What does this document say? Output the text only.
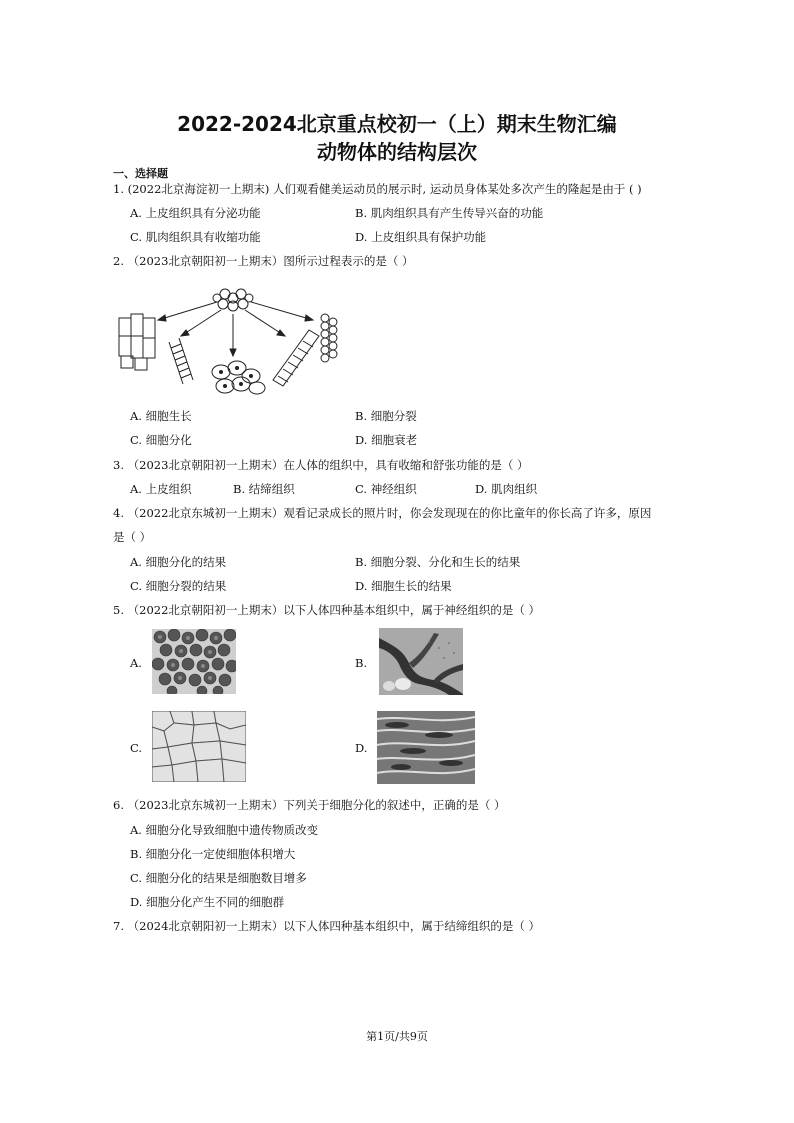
2022-2024北京重点校初一（上）期末生物汇编
动物体的结构层次
一、选择题
1. (2022北京海淀初一上期末) 人们观看健美运动员的展示时, 运动员身体某处多次产生的隆起是由于 ( )
A. 上皮组织具有分泌功能	B. 肌肉组织具有产生传导兴奋的功能
C. 肌肉组织具有收缩功能	D. 上皮组织具有保护功能
2. （2023北京朝阳初一上期末）图所示过程表示的是（ ）
A. 细胞生长	B. 细胞分裂
C. 细胞分化	D. 细胞衰老
3. （2023北京朝阳初一上期末）在人体的组织中，具有收缩和舒张功能的是（ ）
A. 上皮组织	B. 结缔组织	C. 神经组织	D. 肌肉组织
4. （2022北京东城初一上期末）观看记录成长的照片时，你会发现现在的你比童年的你长高了许多，原因
是（ ）
A. 细胞分化的结果	B. 细胞分裂、分化和生长的结果
C. 细胞分裂的结果	D. 细胞生长的结果
5. （2022北京朝阳初一上期末）以下人体四种基本组织中，属于神经组织的是（ ）
A.	B.
C.	D.
6. （2023北京东城初一上期末）下列关于细胞分化的叙述中，正确的是（ ）
A. 细胞分化导致细胞中遗传物质改变
B. 细胞分化一定使细胞体积增大
C. 细胞分化的结果是细胞数目增多
D. 细胞分化产生不同的细胞群
7. （2024北京朝阳初一上期末）以下人体四种基本组织中，属于结缔组织的是（ ）
第1页/共9页
